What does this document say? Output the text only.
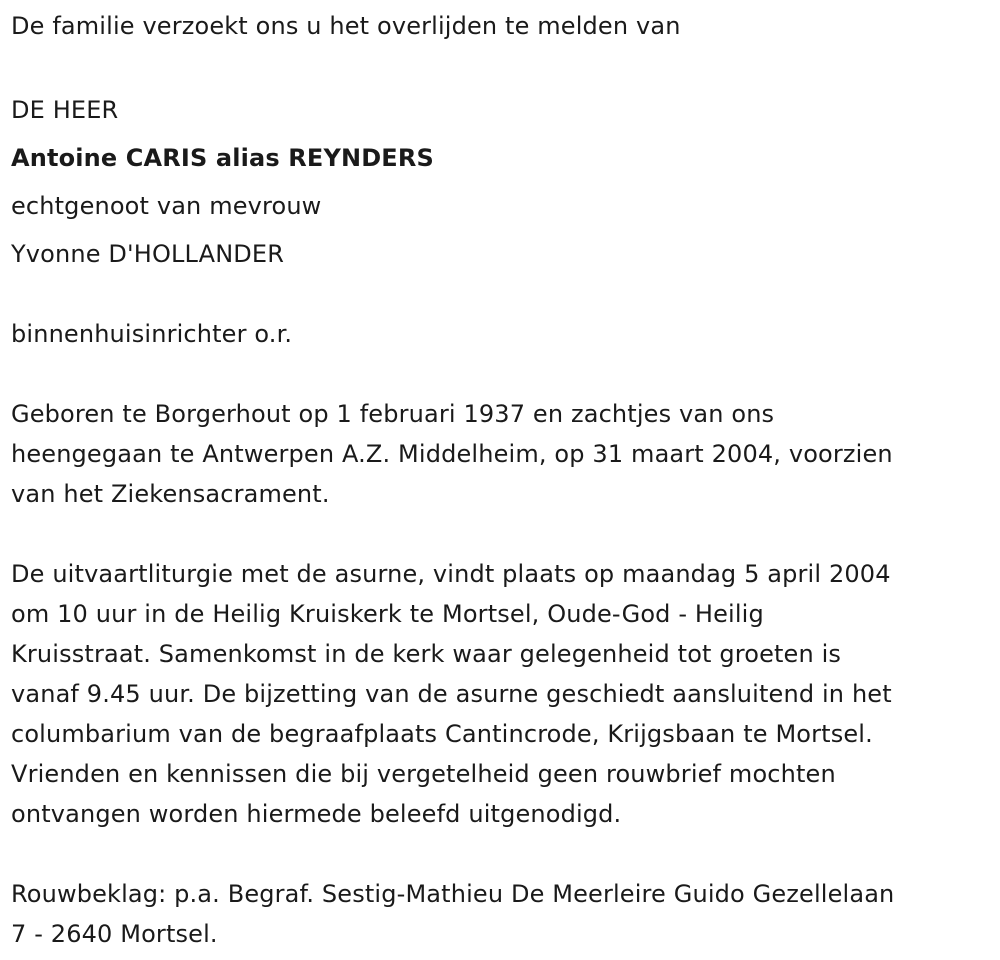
De familie verzoekt ons u het overlijden te melden van
DE HEER
Antoine CARIS alias REYNDERS
echtgenoot van mevrouw
Yvonne D'HOLLANDER
binnenhuisinrichter o.r.
Geboren te Borgerhout op 1 februari 1937 en zachtjes van ons
heengegaan te Antwerpen A.Z. Middelheim, op 31 maart 2004, voorzien
van het Ziekensacrament.
De uitvaartliturgie met de asurne, vindt plaats op maandag 5 april 2004
om 10 uur in de Heilig Kruiskerk te Mortsel, Oude-God - Heilig
Kruisstraat. Samenkomst in de kerk waar gelegenheid tot groeten is
vanaf 9.45 uur. De bijzetting van de asurne geschiedt aansluitend in het
columbarium van de begraafplaats Cantincrode, Krijgsbaan te Mortsel.
Vrienden en kennissen die bij vergetelheid geen rouwbrief mochten
ontvangen worden hiermede beleefd uitgenodigd.
Rouwbeklag: p.a. Begraf. Sestig-Mathieu De Meerleire Guido Gezellelaan
7 - 2640 Mortsel.
